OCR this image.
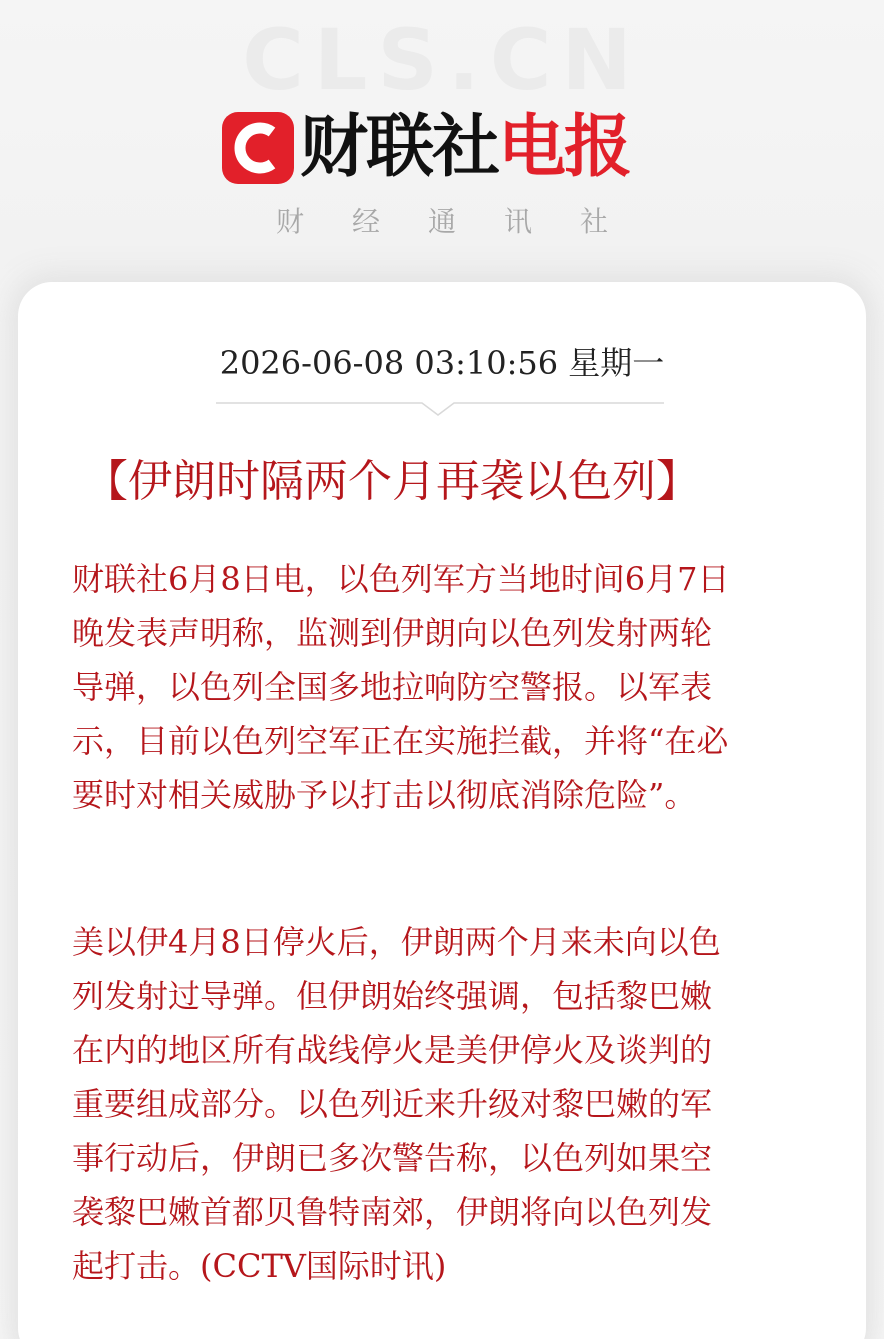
CLS.CN
财联社 电报
财经通讯社
2026-06-08 03:10:56 星期一
【伊朗时隔两个月再袭以色列】
财联社6月8日电，以色列军方当地时间6月7日
晚发表声明称，监测到伊朗向以色列发射两轮
导弹，以色列全国多地拉响防空警报。以军表
示，目前以色列空军正在实施拦截，并将“在必
要时对相关威胁予以打击以彻底消除危险”。
美以伊4月8日停火后，伊朗两个月来未向以色
列发射过导弹。但伊朗始终强调，包括黎巴嫩
在内的地区所有战线停火是美伊停火及谈判的
重要组成部分。以色列近来升级对黎巴嫩的军
事行动后，伊朗已多次警告称，以色列如果空
袭黎巴嫩首都贝鲁特南郊，伊朗将向以色列发
起打击。(CCTV国际时讯)
